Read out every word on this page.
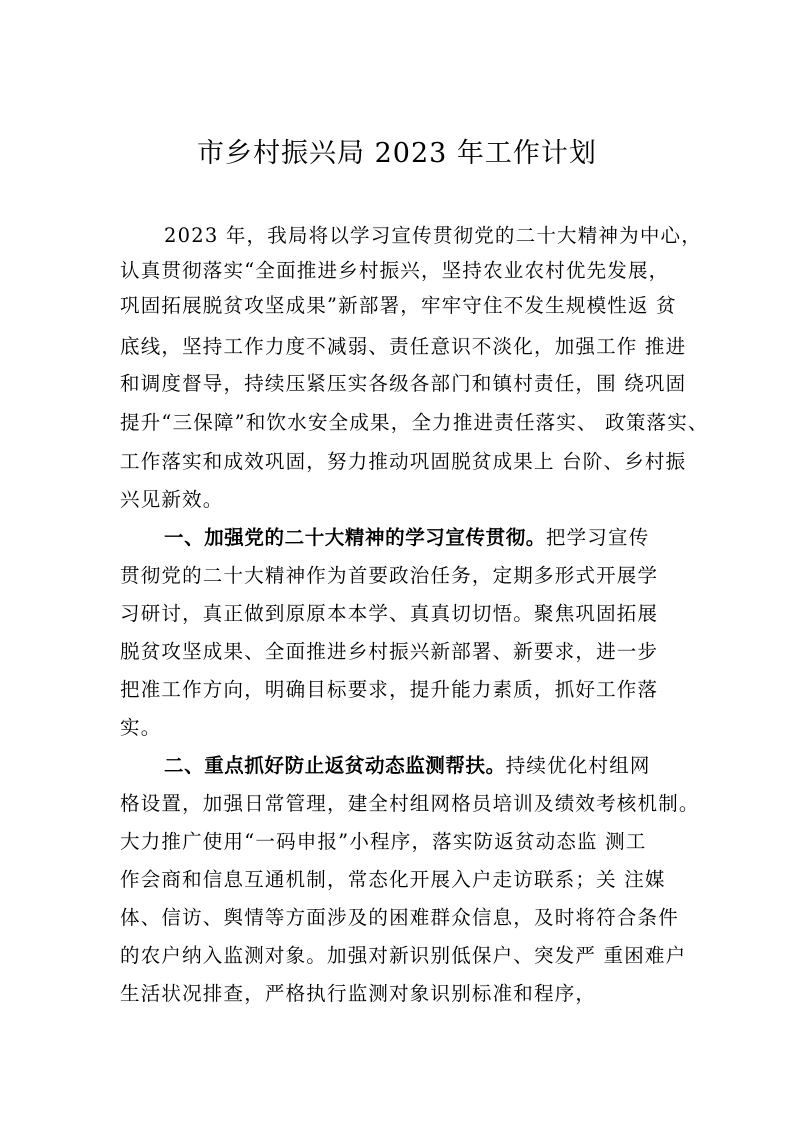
市乡村振兴局 2023 年工作计划
2023 年，我局将以学习宣传贯彻党的二十大精神为中心，
认真贯彻落实“全面推进乡村振兴，坚持农业农村优先发展，
巩固拓展脱贫攻坚成果”新部署，牢牢守住不发生规模性返 贫
底线，坚持工作力度不减弱、责任意识不淡化，加强工作 推进
和调度督导，持续压紧压实各级各部门和镇村责任，围 绕巩固
提升“三保障”和饮水安全成果，全力推进责任落实、 政策落实、
工作落实和成效巩固，努力推动巩固脱贫成果上 台阶、乡村振
兴见新效。
一、加强党的二十大精神的学习宣传贯彻。把学习宣传
贯彻党的二十大精神作为首要政治任务，定期多形式开展学
习研讨，真正做到原原本本学、真真切切悟。聚焦巩固拓展
脱贫攻坚成果、全面推进乡村振兴新部署、新要求，进一步
把准工作方向，明确目标要求，提升能力素质，抓好工作落
实。
二、重点抓好防止返贫动态监测帮扶。持续优化村组网
格设置，加强日常管理，建全村组网格员培训及绩效考核机制。
大力推广使用“一码申报”小程序，落实防返贫动态监 测工
作会商和信息互通机制，常态化开展入户走访联系；关 注媒
体、信访、舆情等方面涉及的困难群众信息，及时将符合条件
的农户纳入监测对象。加强对新识别低保户、突发严 重困难户
生活状况排查，严格执行监测对象识别标准和程序，
